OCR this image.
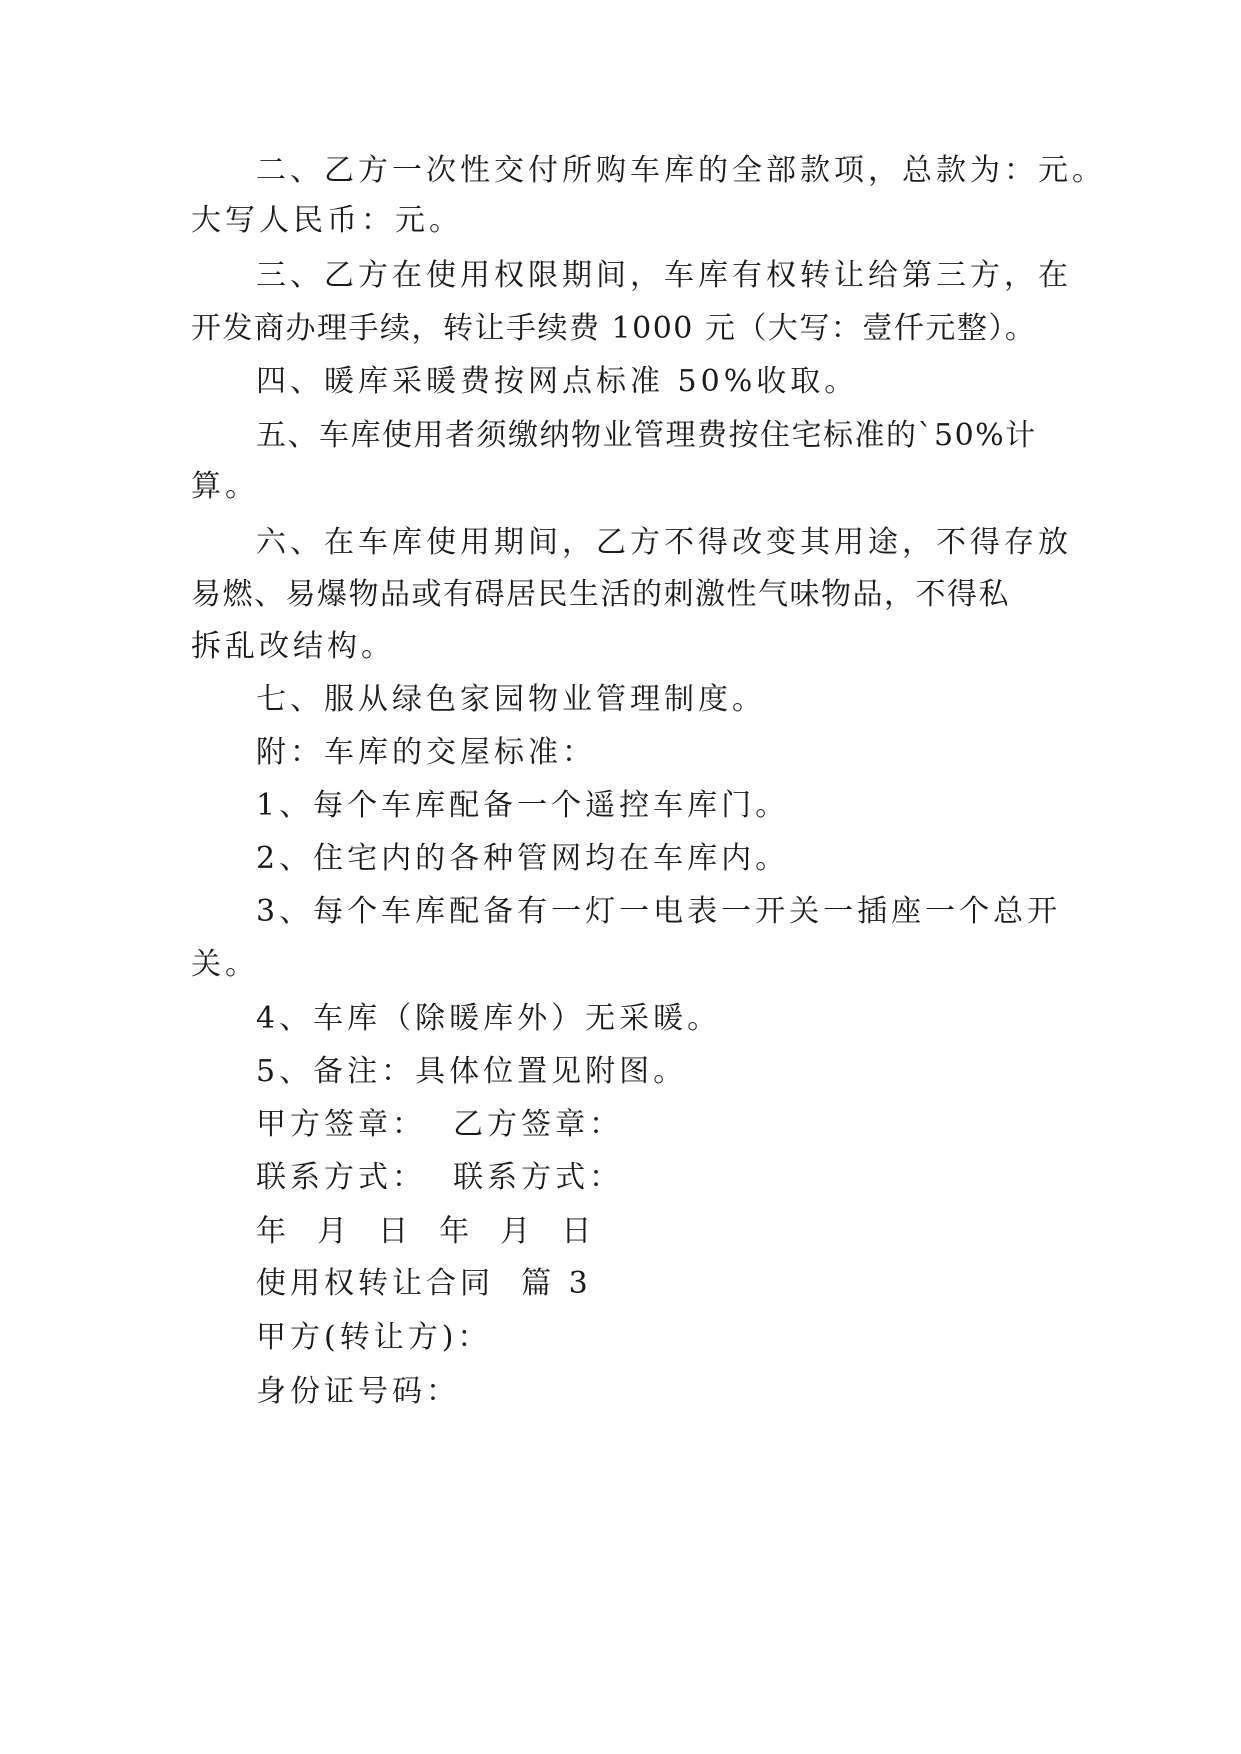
二、乙方一次性交付所购车库的全部款项，总款为：元。
大写人民币：元。
三、乙方在使用权限期间，车库有权转让给第三方，在
开发商办理手续，转让手续费 1000 元（大写：壹仟元整）。
四、暖库采暖费按网点标准 50%收取。
五、车库使用者须缴纳物业管理费按住宅标准的`50%计
算。
六、在车库使用期间，乙方不得改变其用途，不得存放
易燃、易爆物品或有碍居民生活的刺激性气味物品，不得私
拆乱改结构。
七、服从绿色家园物业管理制度。
附：车库的交屋标准：
1、每个车库配备一个遥控车库门。
2、住宅内的各种管网均在车库内。
3、每个车库配备有一灯一电表一开关一插座一个总开
关。
4、车库（除暖库外）无采暖。
5、备注：具体位置见附图。
甲方签章：  乙方签章：
联系方式：  联系方式：
年  月  日  年  月  日
使用权转让合同  篇 3
甲方(转让方)：
身份证号码：
